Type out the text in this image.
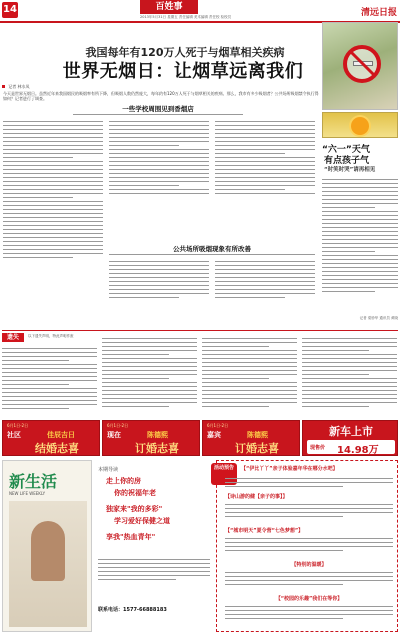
14	百姓事
2013年5月31日 星期五 责任编辑 美术编辑 责任校 检校员	清远日报
我国每年有120万人死于与烟草相关疾病
世界无烟日：让烟草远离我们
记者 林水凤
今天是世界无烟日。虽然近年来我国烟民的吸烟率有所下降，但吸烟人数仍然庞大，每年约有120万人死于与烟草相关的疾病。那么，我市有多少吸烟者？公共场所吸烟禁令执行得如何？记者进行了调查。
一些学校周围见到香烟店
公共场所吸烟现象有所改善
“六一”天气
有点孩子气
“时笑时哭”请再相见
记者 梁妙华 通讯员 黄晓
遗失	以下遗失声明，特此声明作废
6月1日-2日
社区	佳辰吉日
结婚志喜
6月1日-2日
现在	陈德熙
订婚志喜
6月1日-2日
嘉宾	陈德熙
订婚志喜
新车上市
现售价 14.98万
新生活
NEW LIFE WEEKLY
本期导读
走上你的房
你的祝福年老
独家来"我的多彩"
学习爱好保健之道
享我"热血青年"
联系电话：1577-66888183
活动预告	【“伊比丫丫”亲子体验嘉年华在哪分水吧】
【诗山游的健【亲子的事】】
【“城市明天”夏令营“七色梦想”】
【特别的温暖】
【“校园的乐趣”我们在等你】
